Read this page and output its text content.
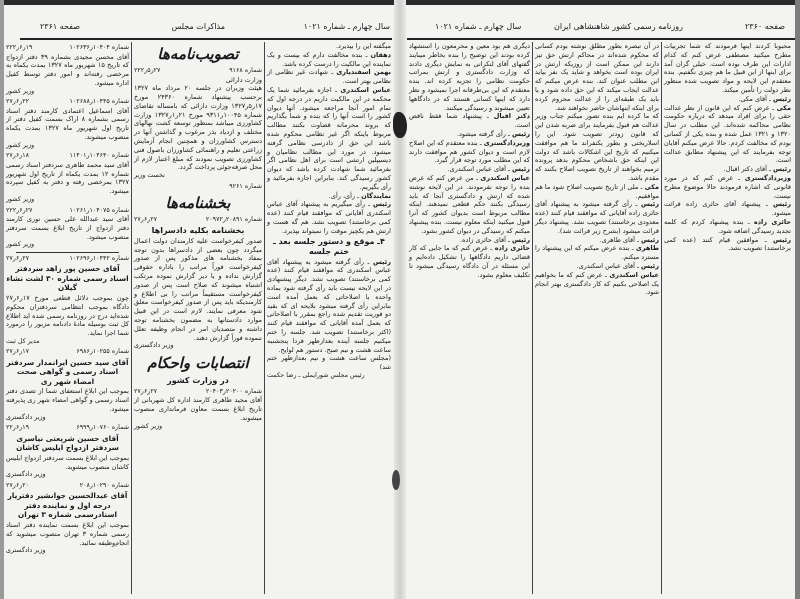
سال چهارم ـ شماره ۱۰۲۱
مذاکرات مجلس
صفحه ۲۳۶۱	سال چهارم ـ شماره ۱۰۲۱	روزنامه رسمی کشور شاهنشاهی ایران	صفحه ۲۳۶۰
شماره ۱۰۴۰۴ر۱۰۲۶۳۶
۱۹ر۶ر۲۲۲
آقای محسن مجیدی بشماره ۳۹ دفتر ازدواج که تاریخ ۱۵ شهریور ماه ۱۳۲۷ بمدت یکماه به مرخصی رفته‌اند و امور دفتر توسط کفیل اداره میشود.
وزیر کشور
شماره ۱۰۴۴۵ر۱۰۲۶۸۸
۲۲ر۶ر۲۷
آقای اسماعیل اعتمادی کارمند دفتر اسناد رسمی بشماره ۸ اراک بسمت کفیل دفتر از تاریخ اول شهریور ماه ۱۳۲۷ بمدت یکماه منصوب میشوند.
وزیر کشور
شماره ۱۰۴۶۴۰ر۱۱۴۰۱
۱۸ر۶ر۲۷
آقای سید محمد طاهری سردفتر اسناد رسمی شماره ۱۲ بمدت یکماه از تاریخ اول شهریور ۱۳۲۷ بمرخصی رفته و دفتر به کفیل سپرده میشود.
وزیر کشور
شماره ۱۰۴۰۷۵ر۱۰۲۶۱
۲۷ر۶ر۲۲۲
آقای سید عبدالله علی حسین نوری کارمند دفتر ازدواج از تاریخ ابلاغ بسمت سردفتر منصوب میشود.
وزیر کشور
شماره ۱۰۴۴۲ر۱۰۲۶۹۶
۲۷ر۶ر۲۷
آقای حسین پور زاهد سردفتر اسناد رسمی شماره ۳۰ لشت نشاء گیلان
چون بموجب دلائل قطعی مورخ ۱۷ر۶ر۲۷ دادگاه بموجب انتظامی سردفتران محکوم شده‌اید درج در روزنامه رسمی شده اید اطلاع کل ثبت بوسیله مادهٔ دادنامه مزبور را درمورد شما اجرا نماید.
مدیر کل ثبت
شماره ۱۰۲۵۵ر۶۹۸۶
۱۷ر۶ر۲۷
آقای سید حسین ایرانمدار سردفتر اسناد رسمی و گواهی صحت امضاء شهر ری
بموجب این ابلاغ استعفای شما از تصدی دفتر اسناد رسمی و گواهی امضاء شهر ری پذیرفته میشود.
وزیر دادگستری
شماره ۱۰۷۶۰ر۶۹۹۹
۱۹ر۶ر۲۲
آقای حسین شریعتی نیاسری سردفتر ازدواج ایلیس کاشان
بموجب این ابلاغ بسمت سردفتر ازدواج ایلیس کاشان منصوب میشوید.
وزیر دادگستری
شماره ۱۰۲۹۰ر۲۰۸
۲۰ر۶ر۲۷
آقای عبدالحسین جوانشیر دفتریار درجه اول و نماینده دفتر اسنادرسمی شماره ۳ تهران
بموجب این ابلاغ بسمت نماینده دفتر اسناد رسمی شماره ۳ تهران منصوب میشوید که انجام‌وظیفه نمائید.
وزیر دادگستری
تصویب‌نامه‌ها
شماره ۹۱۶۸
۲۷ر۵ر۲۲۲
وزارت دارائی
هیئت وزیران در جلسه ۲۰ مرداد ماه ۱۳۲۷ برحسب پیشنهاد شماره ۲۴۳۶۰ مورخ ۱۷ر۵ر۱۳۲۷ وزارت دارائی که بامساله تقاضای شماره ۱۰۰۴۵ر۹۳۱۱ مورخ ۲۱ر۱ر۱۳۲۷ وزارت کشاورزی میباشد بمنظور توسعه کشت نهالهای مختلف و ازدیاد بذر مرغوب و گذاشتن آنها در دسترس کشاورزان و همچنین انجام آزمایش زراعتی تعلیم و راهنمائی کشاورزان باصول فنی کشاورزی تصویب نمودند که مبلغ اعتبار لازم از محل صرفه‌جوئی پرداخت گردد.
نخست وزیر
شماره ۹۲۶۱
بخشنامه‌ها
شماره ۲۰۸۹۱ر۲۰۹۷۲
۲۷ر۶ر۲۷
بخشنامه بکلیه دادسراها
صدور کیفرخواست علیه کارمندان دولت اعمال میگردد چون بعضی از دادسراها بدون توجه بمفاد بخشنامه های مذکور پس از صدور کیفرخواست فوراً مراتب را باداره حقوقی گزارش نداده و یا دیر گزارش نموده مرتکب اشتباه میشوند که صلاح است پس از صدور کیفرخواست مستقیماً مراتب را بی اطلاع و کارمندیکه باید پس از صدور کیفرخواست معلق شود معرفی نمایند. لازم است در این قبیل موارد دادستانها به مضمون بخشنامه توجه داشته و متصدیان امر در انجام وظیفه تعلل ننموده فوراً گزارش دهند.
وزیر دادگستری
انتصابات واحکام
در وزارت کشور
شماره ۲۰۲۰۰ر۲۰۴۰۳
۲۷ر۶ر۲۷
آقای مجید طاهری کارمند اداره کل شهربانی از تاریخ ابلاغ بسمت معاون فرمانداری منصوب میشوند.
وزیر کشور
میگفته این را بپذیرد.
دهقان ـ بنده مخالفت دارم که بیست و یک نماینده این مالکیت را درست کرده باشد.
بهمن اسفندیاری ـ شهادت غیر نظامی از نظامی بهتر است.
عباس اسکندری ـ اجازه بفرمائید شما یک محکمه در این مالکیت داریم در درجه اول که تمام امور آنجا مراجعه میشود. آنها دیوان کشور را است آنها را که بنده و شما بگذاریم که بروند محرمانه قضاوت بکنند مطالب مربوط باینکه اگر غیر نظامی محکوم شده باشد این حق از دادرسی نظامی گرفته میشود. در مورد این مطالب نظامیان و دیسیپلین ارتشی است برای اهل نظامی اگر بفرمائید شما شهادت کرده باشد که دیوان کشور رسیدگی کند. بنابراین اجازه بفرمائید و رأی بگیریم.
نمایندگان ـ رأی، رأی.
رئیس ـ رأی میگیریم به پیشنهاد آقای عباس اسکندری آقایانی که موافقند قیام کنند (عده کمی برخاستند) تصویب نشد. هم گه هست و ارتش هم یکچیز موقت را نمیتواند بپذیرد.
۴ـ موقع و دستور جلسه بعد ـ ختم جلسه
رئیس ـ رأی گرفته میشود به پیشنهاد آقای عباس اسکندری که موافقند قیام کنند (عده کمی برخاستند) تصویب نشد. دیگر پیشنهادی در این لایحه نیست باید رأی گرفته شود بماده واحده با اصلاحاتی که بعمل آمده است بنابراین رأی گرفته میشود بلایحه ای که بقید دو فوریت تقدیم شده راجع بمقرر با اصلاحاتی که بعمل آمده آقایانی که موافقند قیام کنند (اکثر برخاستند) تصویب شد. جلسه را ختم میکنیم جلسه آینده بعدازظهر فردا پنجشنبه ساعت هشت و نیم صبح. دستور هم لوایح.
(مجلس ساعت هشت و نیم بعدازظهر ختم شد)
رئیس مجلس شورایملی ـ رضا حکمت
دیگری هم بود معین و محرمعون را استشهاد کرده بودند این توضیح را بنده بخاطر میبایند گفتهای آقای لنکرانی به نمایش دیگری دادند که وزارت دادگستری و ارتش بمراتب حکومت نظامی را تجزیه کرده اند. بنده معتقدم که این بی‌طرفانه اجرا نمیشود و نظر دارد که اینها کسانی هستند که در دادگاهها تعیین میشوند و رسیدگی میکنند.
دکتر اقبال ـ پیشنهاد شما فقط ناقص است.
رئیس ـ رأی گرفته میشود.
وزیردادگستری ـ بنده معتقدم که این اصلاح لازم است و دیوان کشور هم موافقت دارند که این مطلب مورد توجه قرار گیرد.
رئیس ـ آقای عباس اسکندری.
عباس اسکندری ـ من عرض کنم که عرض بنده را توجه نفرمودند. در این لایحه نوشته شده که ارتش و دادگستری آنجا که باید رسیدگی بکنند حکم قطعی نمیدهند. اینکه مطالب مربوط است بدیوان کشور که آنرا قبول میکنید اینکه معلوم نیست. بنده پیشنهاد میکنم که رسیدگی در دیوان کشور بشود.
رئیس ـ آقای حائری زاده.
حائری زاده ـ عرض کنم که ما جایی که کار قضائی داریم دادگاهها را تشکیل داده‌ایم و این مسئله در آن دادگاه رسیدگی میشود تا تکلیف معلوم بشود.
در آن تبصره بطور مطلق نوشته بودم کسانی که محکوم شده‌اند در محاکم ارتش حق تیز دارند این ممکن است از روزیکه ارتش در ایران بوده است بخواهد و شاید یک نفر بیاید این مطلب عنوان کند. بنده عرض میکنم که عدالت ایجاب میکند که این حق داده شود و یا باید یک طبقه‌ای را از عدالت محروم کرده برای اینکه اینهاشان حاضر نخواهند شد.
که ما کرده ایم بنده تصور میکنم جناب وزیر عدالت هم قبول بفرمایند برای ضربه شدن این که قانون زودتر تصویب شود. این را اسلاریختی و بطور یکنفراند ما هم موافقت میکنیم که تاریخ این اشکالات باشد که دولت این اینکه حق باشخاص محکوم بدهد پرونده ترمیم بخواهند از تاریخ تصویب اصلاح بکنند که مقدم باشد.
مکی ـ ملی از تاریخ تصویب اصلاح شود ما هم موافقیم.
رئیس ـ رأی گرفته میشود به پیشنهاد آقای حائری زاده آقایانی که موافقند قیام کنند (عده معدودی برخاستند) تصویب نشد. پیشنهاد دیگر قرائت میشود (بشرح زیر قرائت شد).
رئیس ـ آقای طاهری.
طاهری ـ بنده عرض میکنم که این پیشنهاد را مسترد میکنم.
رئیس ـ آقای عباس اسکندری.
عباس اسکندری ـ عرض کنم که ما بخواهیم یک اصلاحی بکنیم که کار دادگستری بهتر انجام شود.
محبوبا کردند اینها فرمودند که شما تجربیات مطرح میکنید مصطفی عرض کنم که کدام ادارات این طرف بوده است. خیلی گران آمد برای اینها از این قبیل ما هم چیزی نگفتیم. بنده معتقدم این لایحه و مواد تصویب شده منظور نظر دولت را تأمین میکند.
رئیس ـ آقای مکی.
مکی ـ عرض کنم که این قانون از نظر عدالت حقی را برای افراد میدهد که درباره حکومت نظامی محاکمه شده‌اند. این مطلب در سال ۱۳۲۰ و ۱۳۲۱ عمل شده و بنده یکی از کسانی بودم که مخالفت کردم. حالا عرض میکنم آقایان توجه بفرمایند که این پیشنهاد مطابق عدالت است.
رئیس ـ آقای دکتر اقبال.
وزیردادگستری ـ عرض کنم که در مورد قانونی که اشاره فرمودند حالا موضوع مطرح نیست.
رئیس ـ پیشنهاد آقای حائری زاده قرائت میشود.
حائری زاده ـ بنده پیشنهاد کردم که کلمه تجدید رسیدگی اضافه شود.
رئیس ـ موافقین قیام کنند (عده کمی برخاستند) تصویب نشد.
